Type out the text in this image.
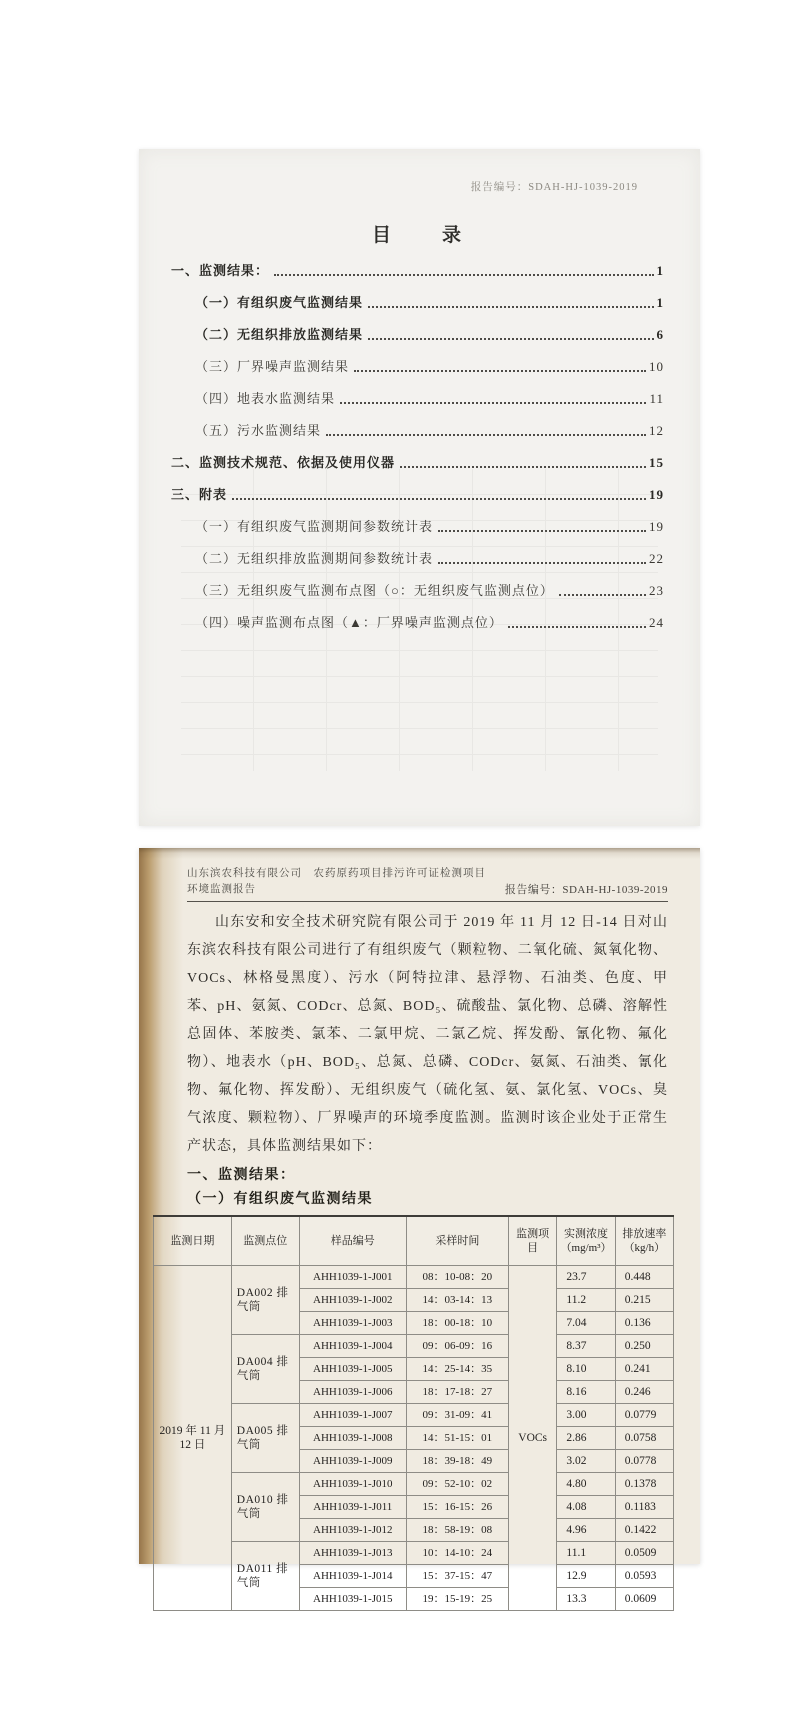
报告编号：SDAH-HJ-1039-2019
目　录
一、监测结果：	1
（一）有组织废气监测结果	1
（二）无组织排放监测结果	6
（三）厂界噪声监测结果	10
（四）地表水监测结果	11
（五）污水监测结果	12
二、监测技术规范、依据及使用仪器	15
三、附表	19
（一）有组织废气监测期间参数统计表	19
（二）无组织排放监测期间参数统计表	22
（三）无组织废气监测布点图（○：无组织废气监测点位）	23
（四）噪声监测布点图（▲：厂界噪声监测点位）	24
山东滨农科技有限公司　农药原药项目排污许可证检测项目
环境监测报告	报告编号：SDAH-HJ-1039-2019

山东安和安全技术研究院有限公司于 2019 年 11 月 12 日-14 日对山东滨农科技有限公司进行了有组织废气（颗粒物、二氧化硫、氮氧化物、VOCs、林格曼黑度）、污水（阿特拉津、悬浮物、石油类、色度、甲苯、pH、氨氮、CODcr、总氮、BOD₅、硫酸盐、氯化物、总磷、溶解性总固体、苯胺类、氯苯、二氯甲烷、二氯乙烷、挥发酚、氰化物、氟化物）、地表水（pH、BOD₅、总氮、总磷、CODcr、氨氮、石油类、氰化物、氟化物、挥发酚）、无组织废气（硫化氢、氨、氯化氢、VOCs、臭气浓度、颗粒物）、厂界噪声的环境季度监测。监测时该企业处于正常生产状态，具体监测结果如下：

一、监测结果：
（一）有组织废气监测结果
监测日期	监测点位	样品编号	采样时间	监测项目	实测浓度（mg/m³）	排放速率（kg/h）
2019 年 11 月 12 日	DA002 排气筒	AHH1039-1-J001	08：10-08：20	VOCs	23.7	0.448
		AHH1039-1-J002	14：03-14：13		11.2	0.215
		AHH1039-1-J003	18：00-18：10		7.04	0.136
	DA004 排气筒	AHH1039-1-J004	09：06-09：16		8.37	0.250
		AHH1039-1-J005	14：25-14：35		8.10	0.241
		AHH1039-1-J006	18：17-18：27		8.16	0.246
	DA005 排气筒	AHH1039-1-J007	09：31-09：41		3.00	0.0779
		AHH1039-1-J008	14：51-15：01		2.86	0.0758
		AHH1039-1-J009	18：39-18：49		3.02	0.0778
	DA010 排气筒	AHH1039-1-J010	09：52-10：02		4.80	0.1378
		AHH1039-1-J011	15：16-15：26		4.08	0.1183
		AHH1039-1-J012	18：58-19：08		4.96	0.1422
	DA011 排气筒	AHH1039-1-J013	10：14-10：24		11.1	0.0509
		AHH1039-1-J014	15：37-15：47		12.9	0.0593
		AHH1039-1-J015	19：15-19：25		13.3	0.0609
